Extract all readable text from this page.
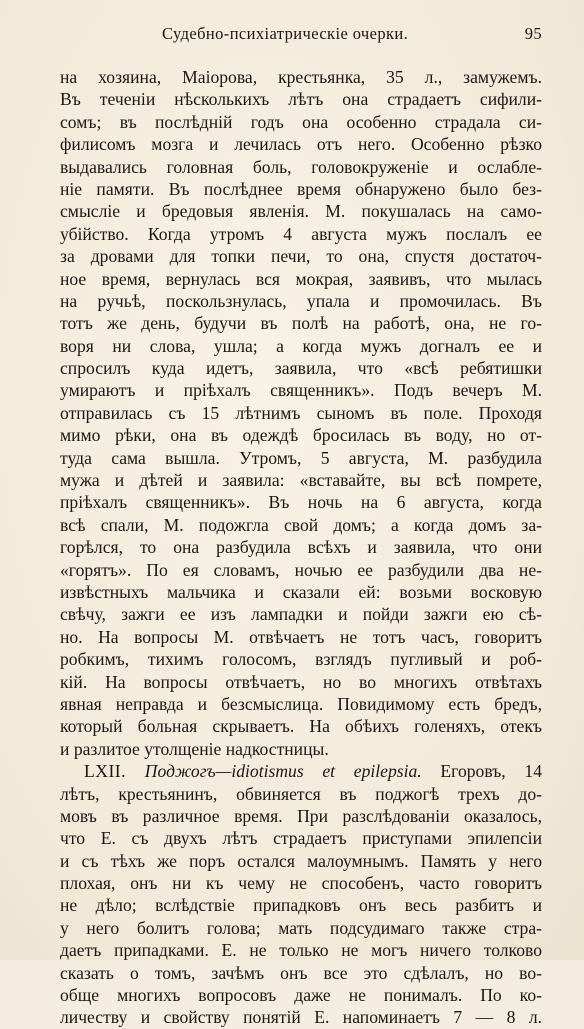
Судебно-психіатрическіе очерки.	95
на хозяина, Маіорова, крестьянка, 35 л., замужемъ.
Въ теченіи нѣсколькихъ лѣтъ она страдаетъ сифили-
сомъ; въ послѣднiй годъ она особенно страдала си-
филисомъ мозга и лечилась отъ него. Особенно рѣзко
выдавались головная боль, головокруженіе и ослабле-
ніе памяти. Въ послѣднее время обнаружено было без-
смысліе и бредовыя явленія. М. покушалась на само-
убійство. Когда утромъ 4 августа мужъ послалъ ее
за дровами для топки печи, то она, спустя достаточ-
ное время, вернулась вся мокрая, заявивъ, что мылась
на ручьѣ, поскользнулась, упала и промочилась. Въ
тотъ же день, будучи въ полѣ на работѣ, она, не го-
воря ни слова, ушла; а когда мужъ догналъ ее и
спросилъ куда идетъ, заявила, что «всѣ ребятишки
умираютъ и пріѣхалъ священникъ». Подъ вечеръ М.
отправилась съ 15 лѣтнимъ сыномъ въ поле. Проходя
мимо рѣки, она въ одеждѣ бросилась въ воду, но от-
туда сама вышла. Утромъ, 5 августа, М. разбудила
мужа и дѣтей и заявила: «вставайте, вы всѣ помрете,
пріѣхалъ священникъ». Въ ночь на 6 августа, когда
всѣ спали, М. подожгла свой домъ; а когда домъ за-
горѣлся, то она разбудила всѣхъ и заявила, что они
«горятъ». По ея словамъ, ночью ее разбудили два не-
извѣстныхъ мальчика и сказали ей: возьми восковую
свѣчу, зажги ее изъ лампадки и пойди зажги ею сѣ-
но. На вопросы М. отвѣчаетъ не тотъ часъ, говоритъ
робкимъ, тихимъ голосомъ, взглядъ пугливый и роб-
кій. На вопросы отвѣчаетъ, но во многихъ отвѣтахъ
явная неправда и безсмыслица. Повидимому есть бредъ,
который больная скрываетъ. На обѣихъ голеняхъ, отекъ
и разлитое утолщеніе надкостницы.
LXII. Поджогъ—idiotismus et epilepsia. Егоровъ, 14
лѣтъ, крестьянинъ, обвиняется въ поджогѣ трехъ до-
мовъ въ различное время. При разслѣдованіи оказалось,
что Е. съ двухъ лѣтъ страдаетъ приступами эпилепсіи
и съ тѣхъ же поръ остался малоумнымъ. Память у него
плохая, онъ ни къ чему не способенъ, часто говоритъ
не дѣло; вслѣдствіе припадковъ онъ весь разбитъ и
у него болитъ голова; мать подсудимаго также стра-
даетъ припадками. Е. не только не могъ ничего толково
сказать о томъ, зачѣмъ онъ все это сдѣлалъ, но во-
обще многихъ вопросовъ даже не понималъ. По ко-
личеству и свойству понятій Е. напоминаетъ 7 — 8 л.
